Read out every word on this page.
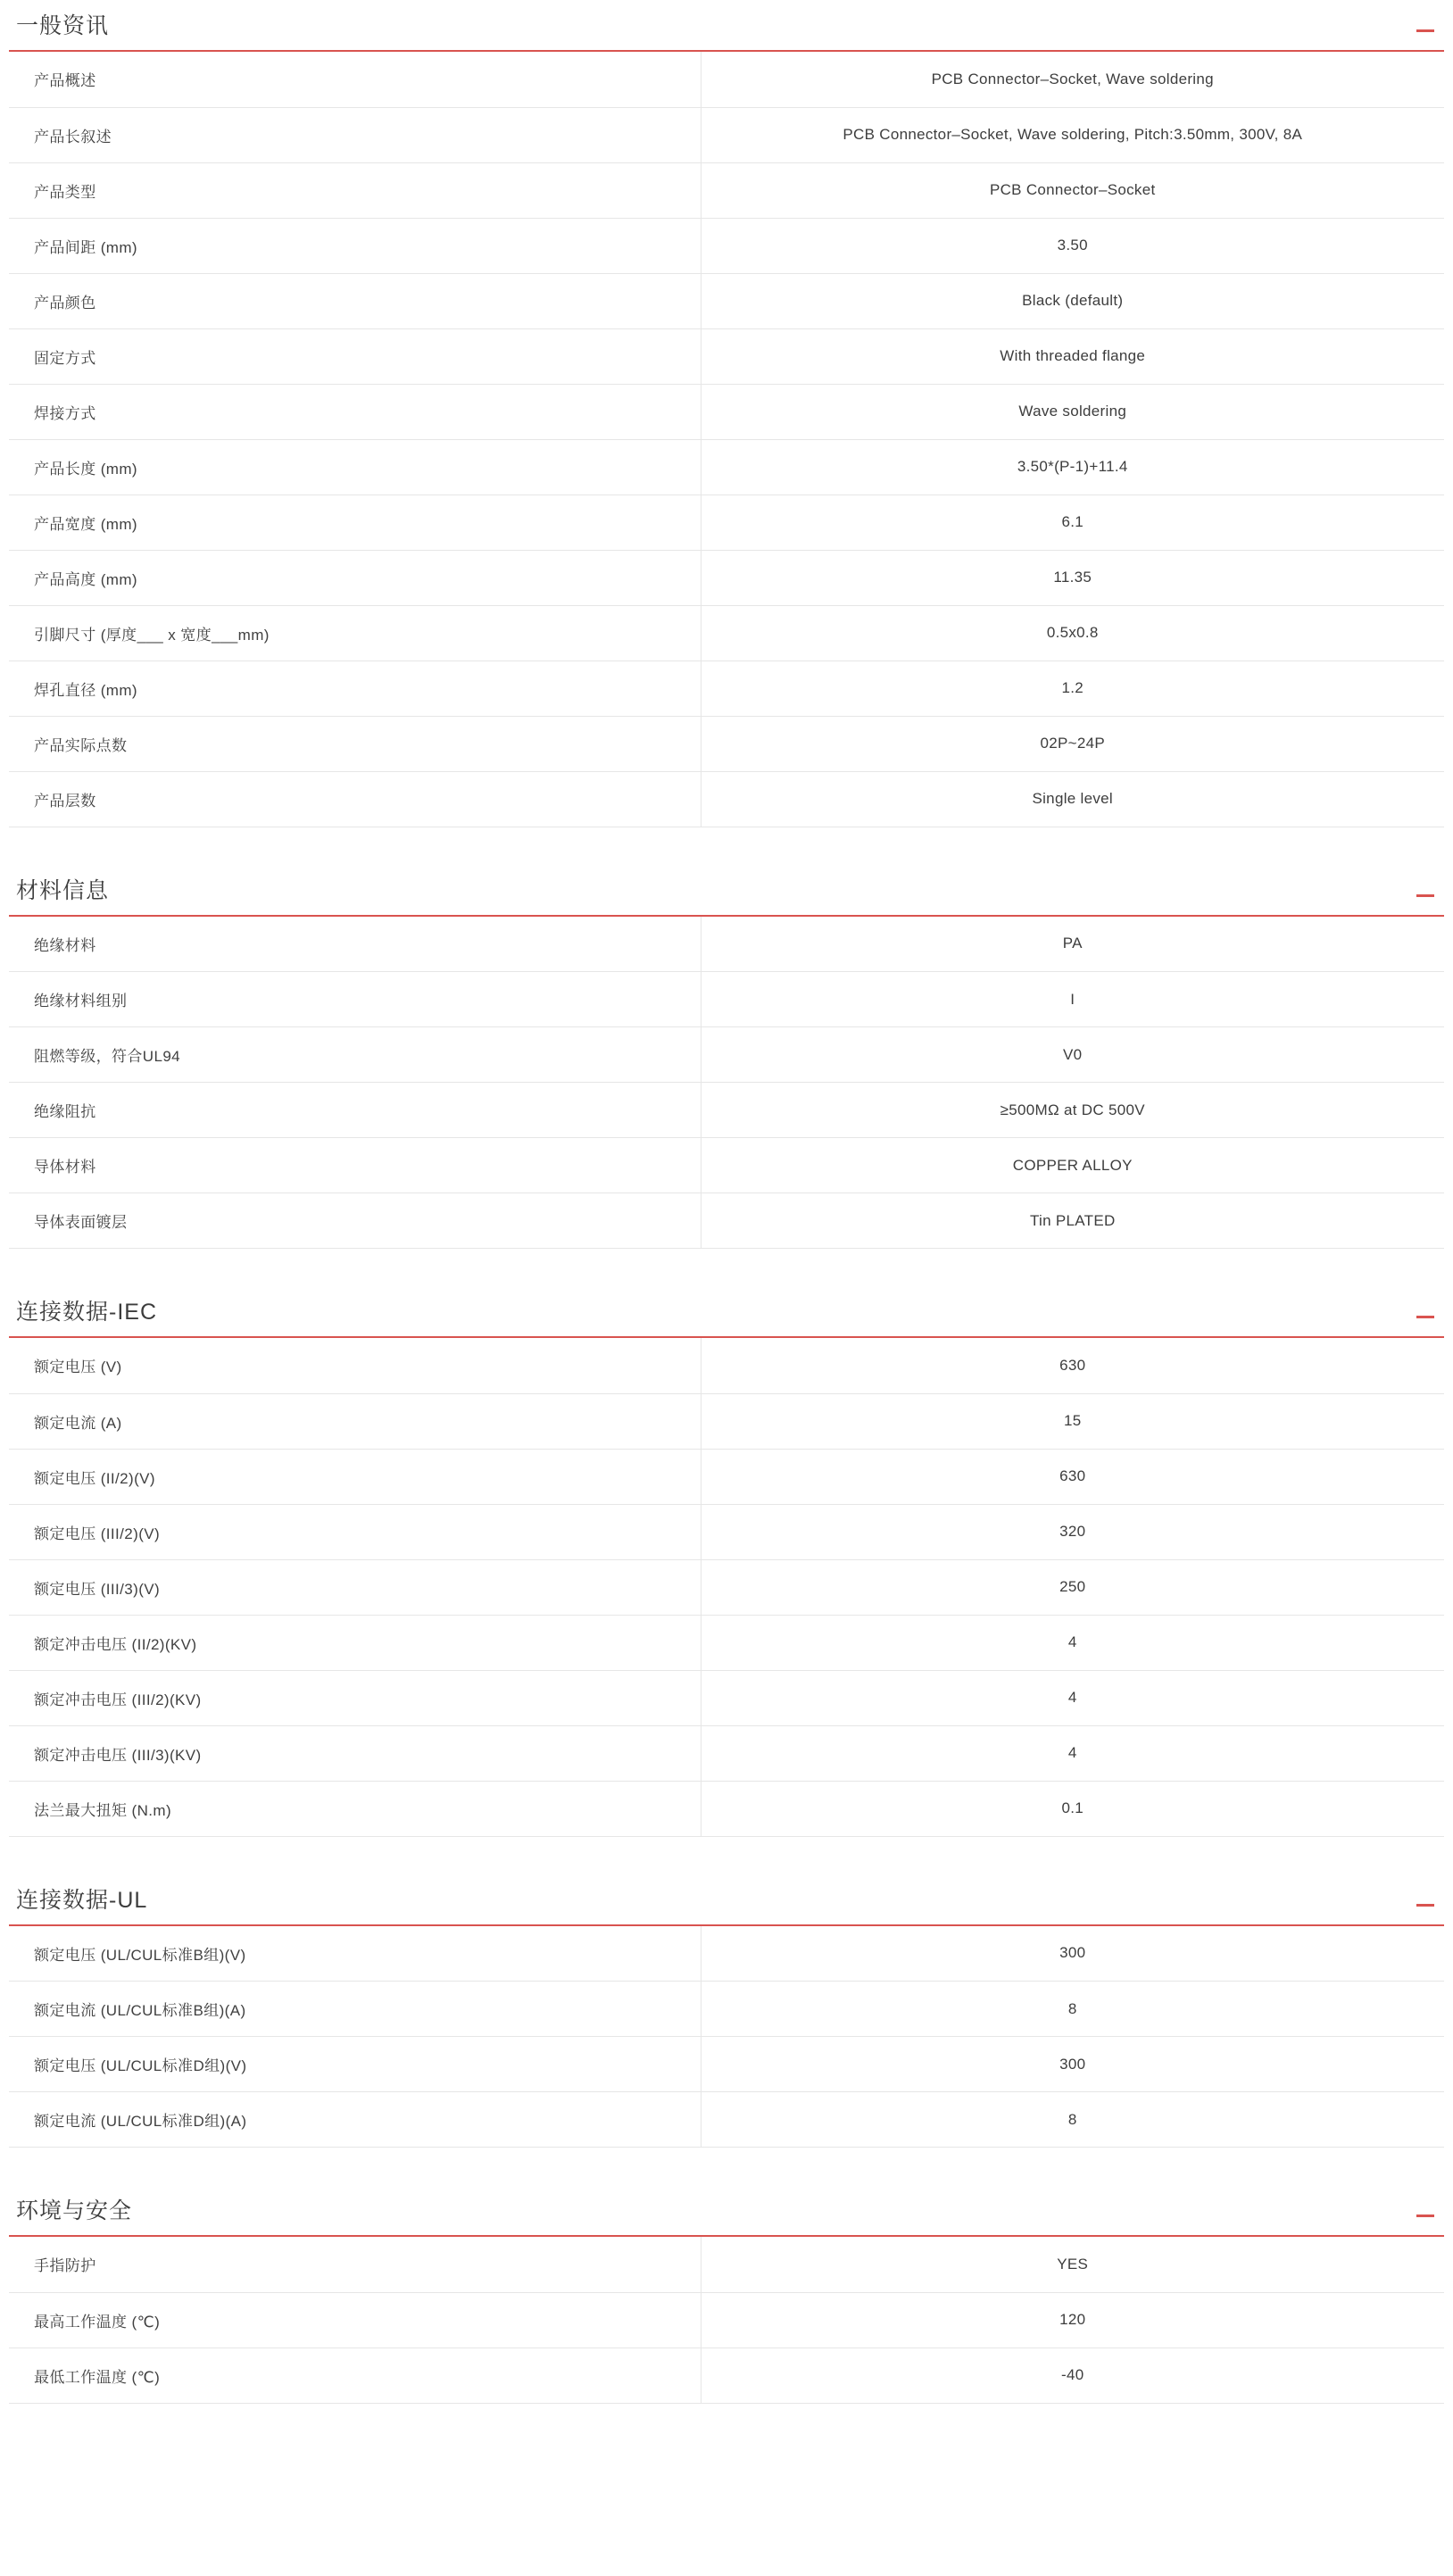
一般资讯
产品概述	PCB Connector–Socket, Wave soldering
产品长叙述	PCB Connector–Socket, Wave soldering, Pitch:3.50mm, 300V, 8A
产品类型	PCB Connector–Socket
产品间距 (mm)	3.50
产品颜色	Black (default)
固定方式	With threaded flange
焊接方式	Wave soldering
产品长度 (mm)	3.50*(P-1)+11.4
产品宽度 (mm)	6.1
产品高度 (mm)	11.35
引脚尺寸 (厚度___ x 宽度___mm)	0.5x0.8
焊孔直径 (mm)	1.2
产品实际点数	02P~24P
产品层数	Single level
材料信息
绝缘材料	PA
绝缘材料组别	I
阻燃等级，符合UL94	V0
绝缘阻抗	≥500MΩ at DC 500V
导体材料	COPPER ALLOY
导体表面镀层	Tin PLATED
连接数据-IEC
额定电压 (V)	630
额定电流 (A)	15
额定电压 (II/2)(V)	630
额定电压 (III/2)(V)	320
额定电压 (III/3)(V)	250
额定冲击电压 (II/2)(KV)	4
额定冲击电压 (III/2)(KV)	4
额定冲击电压 (III/3)(KV)	4
法兰最大扭矩 (N.m)	0.1
连接数据-UL
额定电压 (UL/CUL标准B组)(V)	300
额定电流 (UL/CUL标准B组)(A)	8
额定电压 (UL/CUL标准D组)(V)	300
额定电流 (UL/CUL标准D组)(A)	8
环境与安全
手指防护	YES
最高工作温度 (℃)	120
最低工作温度 (℃)	-40
